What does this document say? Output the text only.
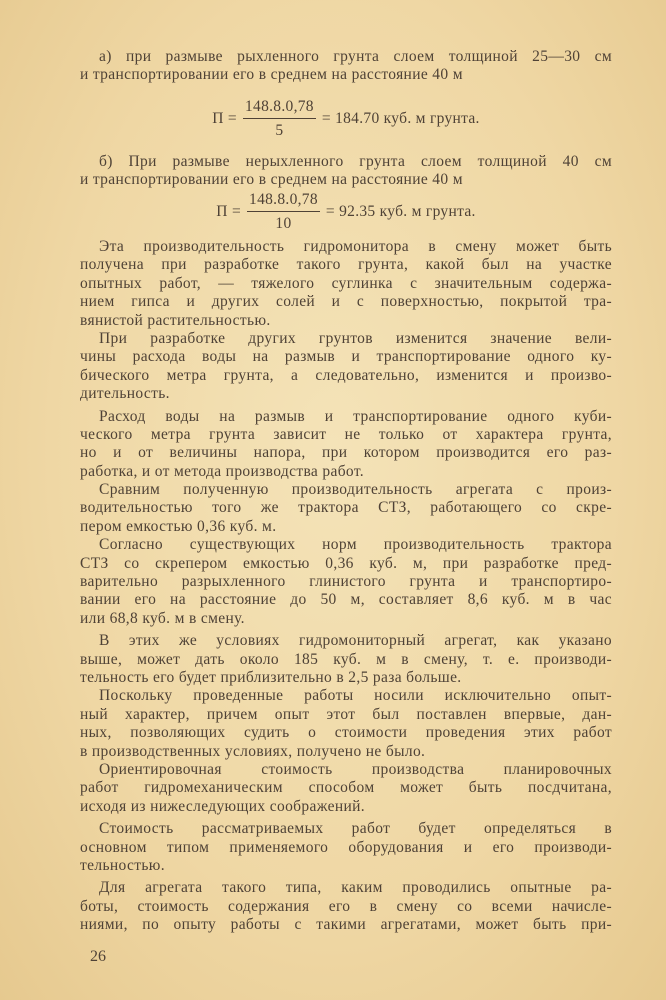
а) при размыве рыхленного грунта слоем толщиной 25—30 см
и транспортировании его в среднем на расстояние 40 м
$П = \frac{148.8.0,78}{5} = 184.70$ куб. м грунта.
б) При размыве нерыхленного грунта слоем толщиной 40 см
и транспортировании его в среднем на расстояние 40 м
$П = \frac{148.8.0,78}{10} = 92.35$ куб. м грунта.
Эта производительность гидромонитора в смену может быть
получена при разработке такого грунта, какой был на участке
опытных работ, — тяжелого суглинка с значительным содержа-
нием гипса и других солей и с поверхностью, покрытой тра-
вянистой растительностью.
При разработке других грунтов изменится значение вели-
чины расхода воды на размыв и транспортирование одного ку-
бического метра грунта, а следовательно, изменится и произво-
дительность.
Расход воды на размыв и транспортирование одного куби-
ческого метра грунта зависит не только от характера грунта,
но и от величины напора, при котором производится его раз-
работка, и от метода производства работ.
Сравним полученную производительность агрегата с произ-
водительностью того же трактора СТЗ, работающего со скре-
пером емкостью 0,36 куб. м.
Согласно существующих норм производительность трактора
СТЗ со скрепером емкостью 0,36 куб. м, при разработке пред-
варительно разрыхленного глинистого грунта и транспортиро-
вании его на расстояние до 50 м, составляет 8,6 куб. м в час
или 68,8 куб. м в смену.
В этих же условиях гидромониторный агрегат, как указано
выше, может дать около 185 куб. м в смену, т. е. производи-
тельность его будет приблизительно в 2,5 раза больше.
Поскольку проведенные работы носили исключительно опыт-
ный характер, причем опыт этот был поставлен впервые, дан-
ных, позволяющих судить о стоимости проведения этих работ
в производственных условиях, получено не было.
Ориентировочная стоимость производства планировочных
работ гидромеханическим способом может быть посдчитана,
исходя из нижеследующих соображений.
Стоимость рассматриваемых работ будет определяться в
основном типом применяемого оборудования и его производи-
тельностью.
Для агрегата такого типа, каким проводились опытные ра-
боты, стоимость содержания его в смену со всеми начисле-
ниями, по опыту работы с такими агрегатами, может быть при-
26
